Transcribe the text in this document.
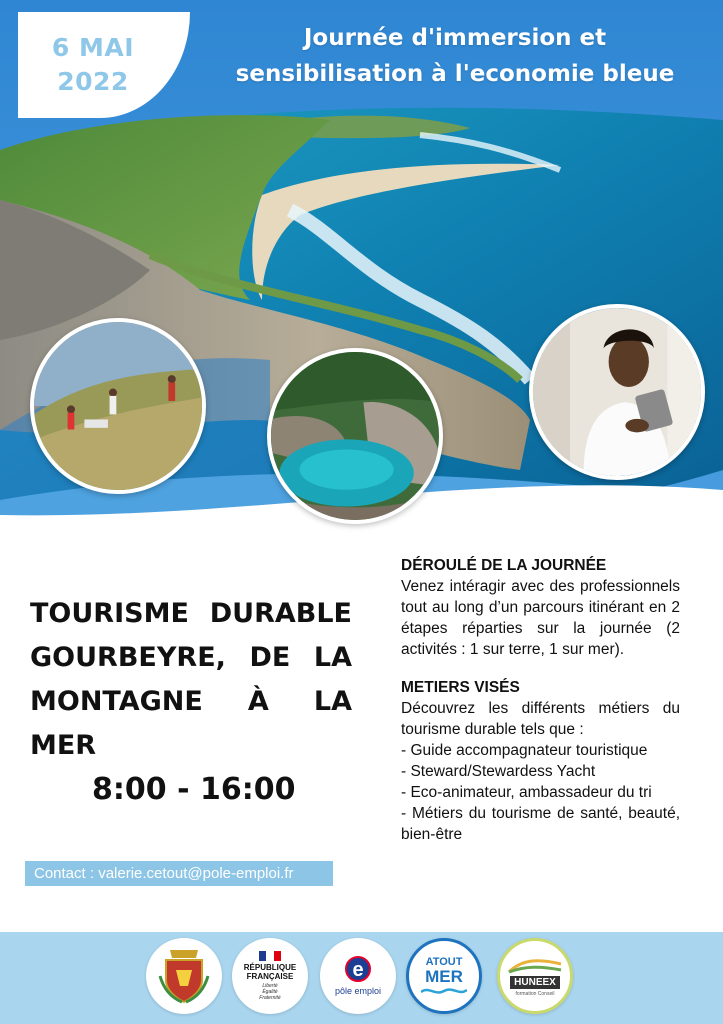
6 MAI
2022
Journée d'immersion et
sensibilisation à l'economie bleue
TOURISME DURABLE
GOURBEYRE, DE LA
MONTAGNE À LA MER
8:00 - 16:00
Contact : valerie.cetout@pole-emploi.fr
DÉROULÉ DE LA JOURNÉE
Venez intéragir avec des professionnels tout au long d’un parcours itinérant en 2 étapes réparties sur la journée (2 activités : 1 sur terre, 1 sur mer).
METIERS VISÉS
Découvrez les différents métiers du tourisme durable tels que :
- Guide accompagnateur touristique
- Steward/Stewardess Yacht
- Eco-animateur, ambassadeur du tri
- Métiers du tourisme de santé, beauté, bien-être
RÉPUBLIQUE
FRANÇAISE
Liberté
Égalité
Fraternité
e
pôle emploi
ATOUT
MER	HUNEEX
formation Conseil
